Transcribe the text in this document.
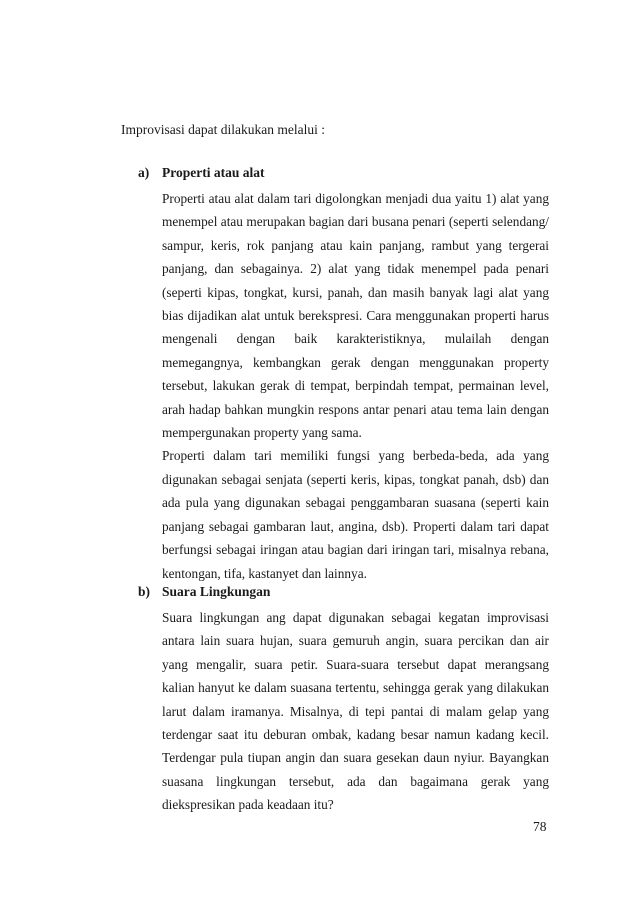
Improvisasi dapat dilakukan melalui :
a) Properti atau alat

Properti atau alat dalam tari digolongkan menjadi dua yaitu 1) alat yang menempel atau merupakan bagian dari busana penari (seperti selendang/ sampur, keris, rok panjang atau kain panjang, rambut yang tergerai panjang, dan sebagainya. 2) alat yang tidak menempel pada penari (seperti kipas, tongkat, kursi, panah, dan masih banyak lagi alat yang bias dijadikan alat untuk berekspresi. Cara menggunakan properti harus mengenali dengan baik karakteristiknya, mulailah dengan memegangnya, kembangkan gerak dengan menggunakan property tersebut, lakukan gerak di tempat, berpindah tempat, permainan level, arah hadap bahkan mungkin respons antar penari atau tema lain dengan mempergunakan property yang sama.

Properti dalam tari memiliki fungsi yang berbeda-beda, ada yang digunakan sebagai senjata (seperti keris, kipas, tongkat panah, dsb) dan ada pula yang digunakan sebagai penggambaran suasana (seperti kain panjang sebagai gambaran laut, angina, dsb). Properti dalam tari dapat berfungsi sebagai iringan atau bagian dari iringan tari, misalnya rebana, kentongan, tifa, kastanyet dan lainnya.

b) Suara Lingkungan

Suara lingkungan ang dapat digunakan sebagai kegatan improvisasi antara lain suara hujan, suara gemuruh angin, suara percikan dan air yang mengalir, suara petir. Suara-suara tersebut dapat merangsang kalian hanyut ke dalam suasana tertentu, sehingga gerak yang dilakukan larut dalam iramanya. Misalnya, di tepi pantai di malam gelap yang terdengar saat itu deburan ombak, kadang besar namun kadang kecil. Terdengar pula tiupan angin dan suara gesekan daun nyiur. Bayangkan suasana lingkungan tersebut, ada dan bagaimana gerak yang diekspresikan pada keadaan itu?

78
